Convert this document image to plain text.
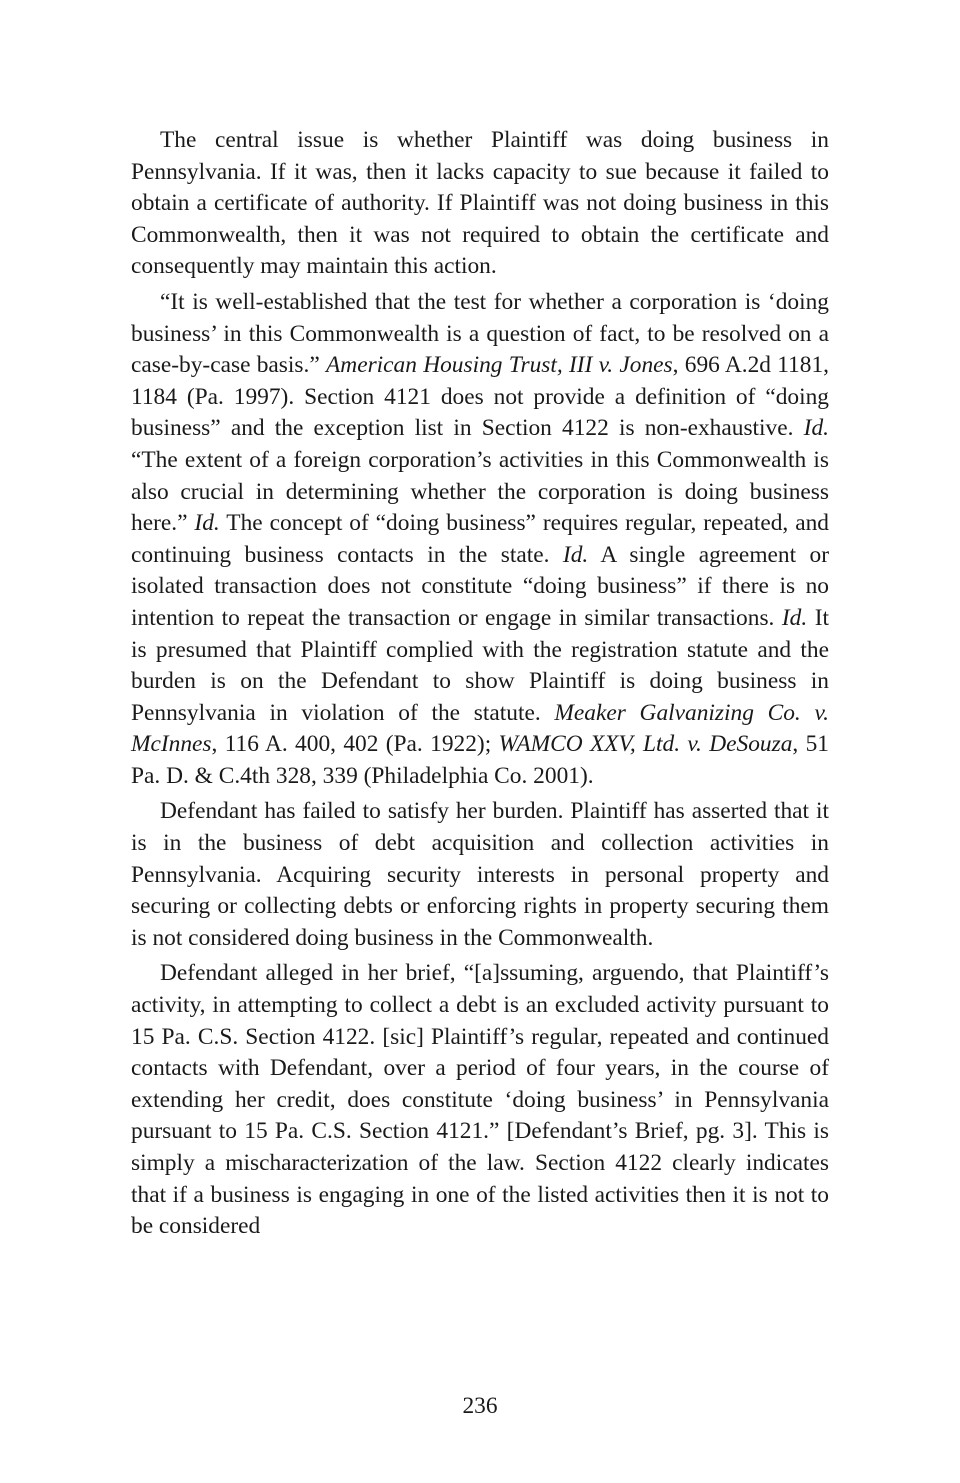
The central issue is whether Plaintiff was doing business in Pennsylvania. If it was, then it lacks capacity to sue because it failed to obtain a certificate of authority. If Plaintiff was not doing business in this Commonwealth, then it was not required to obtain the certificate and consequently may maintain this action.

“It is well-established that the test for whether a corporation is ‘doing business’ in this Commonwealth is a question of fact, to be resolved on a case-by-case basis.” American Housing Trust, III v. Jones, 696 A.2d 1181, 1184 (Pa. 1997). Section 4121 does not provide a definition of “doing business” and the exception list in Section 4122 is non-exhaustive. Id. “The extent of a foreign corporation’s activities in this Commonwealth is also crucial in determining whether the corporation is doing business here.” Id. The concept of “doing business” requires regular, repeated, and continuing business contacts in the state. Id. A single agreement or isolated transaction does not constitute “doing business” if there is no intention to repeat the transaction or engage in similar transactions. Id. It is presumed that Plaintiff complied with the registration statute and the burden is on the Defendant to show Plaintiff is doing business in Pennsylvania in violation of the statute. Meaker Galvanizing Co. v. McInnes, 116 A. 400, 402 (Pa. 1922); WAMCO XXV, Ltd. v. DeSouza, 51 Pa. D. & C.4th 328, 339 (Philadelphia Co. 2001).

Defendant has failed to satisfy her burden. Plaintiff has asserted that it is in the business of debt acquisition and collection activities in Pennsylvania. Acquiring security interests in personal property and securing or collecting debts or enforcing rights in property securing them is not considered doing business in the Commonwealth.

Defendant alleged in her brief, “[a]ssuming, arguendo, that Plaintiff’s activity, in attempting to collect a debt is an excluded activity pursuant to 15 Pa. C.S. Section 4122. [sic] Plaintiff’s regular, repeated and continued contacts with Defendant, over a period of four years, in the course of extending her credit, does constitute ‘doing business’ in Pennsylvania pursuant to 15 Pa. C.S. Section 4121.” [Defendant’s Brief, pg. 3]. This is simply a mischaracterization of the law. Section 4122 clearly indicates that if a business is engaging in one of the listed activities then it is not to be considered

236
